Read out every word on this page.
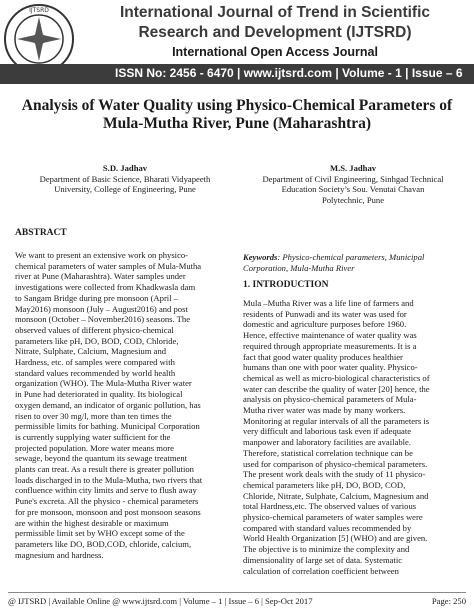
IJTSRD	International Journal of Trend in Scientific
Research and Development (IJTSRD)
International Open Access Journal
ISSN No: 2456 - 6470 | www.ijtsrd.com | Volume - 1 | Issue – 6
Analysis of Water Quality using Physico-Chemical Parameters of
Mula-Mutha River, Pune (Maharashtra)
S.D. Jadhav
Department of Basic Science, Bharati Vidyapeeth
University, College of Engineering, Pune
M.S. Jadhav
Department of Civil Engineering, Sinhgad Technical
Education Society’s Sou. Venutai Chavan
Polytechnic, Pune
ABSTRACT
We want to present an extensive work on physico-
chemical parameters of water samples of Mula-Mutha
river at Pune (Maharashtra). Water samples under
investigations were collected from Khadkwasla dam
to Sangam Bridge during pre monsoon (April –
May2016) monsoon (July – August2016) and post
monsoon (October – November2016) seasons. The
observed values of different physico-chemical
parameters like pH, DO, BOD, COD, Chloride,
Nitrate, Sulphate, Calcium, Magnesium and
Hardness, etc. of samples were compared with
standard values recommended by world health
organization (WHO). The Mula-Mutha River water
in Pune had deteriorated in quality. Its biological
oxygen demand, an indicator of organic pollution, has
risen to over 30 mg/l, more than ten times the
permissible limits for bathing. Municipal Corporation
is currently supplying water sufficient for the
projected population. More water means more
sewage, beyond the quantum its sewage treatment
plants can treat. As a result there is greater pollution
loads discharged in to the Mula-Mutha, two rivers that
confluence within city limits and serve to flush away
Pune's excreta. All the physico - chemical parameters
for pre monsoon, monsoon and post monsoon seasons
are within the highest desirable or maximum
permissible limit set by WHO except some of the
parameters like DO, BOD,COD, chloride, calcium,
magnesium and hardness.
Keywords: Physico-chemical parameters, Municipal Corporation, Mula-Mutha River
1. INTRODUCTION
Mula –Mutha River was a life line of farmers and
residents of Punwadi and its water was used for
domestic and agriculture purposes before 1960.
Hence, effective maintenance of water quality was
required through appropriate measurements. It is a
fact that good water quality produces healthier
humans than one with poor water quality. Physico-
chemical as well as micro-biological characteristics of
water can describe the quality of water [20] hence, the
analysis on physico-chemical parameters of Mula-
Mutha river water was made by many workers.
Monitoring at regular intervals of all the parameters is
very difficult and laborious task even if adequate
manpower and laboratory facilities are available.
Therefore, statistical correlation technique can be
used for comparison of physico-chemical parameters.
The present work deals with the study of 11 physico-
chemical parameters like pH, DO, BOD, COD,
Chloride, Nitrate, Sulphate, Calcium, Magnesium and
total Hardness,etc. The observed values of various
physico-chemical parameters of water samples were
compared with standard values recommended by
World Health Organization [5] (WHO) and are given.
The objective is to minimize the complexity and
dimensionality of large set of data. Systematic
calculation of correlation coefficient between
@ IJTSRD | Available Online @ www.ijtsrd.com | Volume – 1 | Issue – 6 | Sep-Oct 2017	Page: 250
